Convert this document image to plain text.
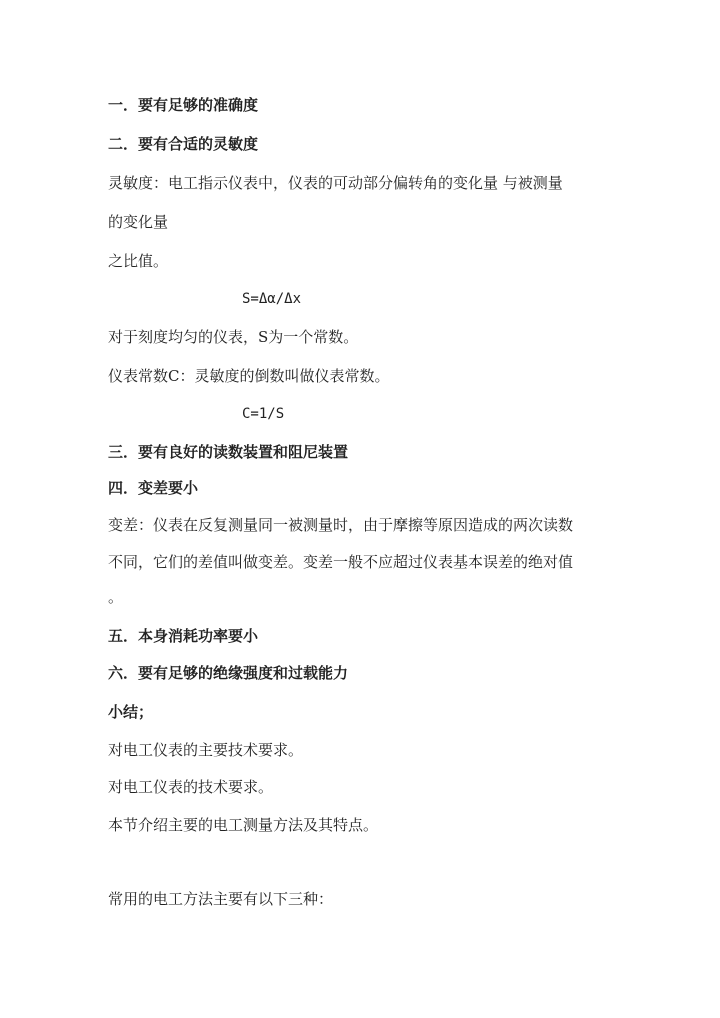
一．要有足够的准确度
二．要有合适的灵敏度
灵敏度：电工指示仪表中，仪表的可动部分偏转角的变化量 与被测量
的变化量
之比值。
S=Δα/Δx
对于刻度均匀的仪表，S为一个常数。
仪表常数C：灵敏度的倒数叫做仪表常数。
C=1/S
三．要有良好的读数装置和阻尼装置
四．变差要小
变差：仪表在反复测量同一被测量时，由于摩擦等原因造成的两次读数
不同，它们的差值叫做变差。变差一般不应超过仪表基本误差的绝对值
。
五．本身消耗功率要小
六．要有足够的绝缘强度和过载能力
小结；
对电工仪表的主要技术要求。
对电工仪表的技术要求。
本节介绍主要的电工测量方法及其特点。
常用的电工方法主要有以下三种：
